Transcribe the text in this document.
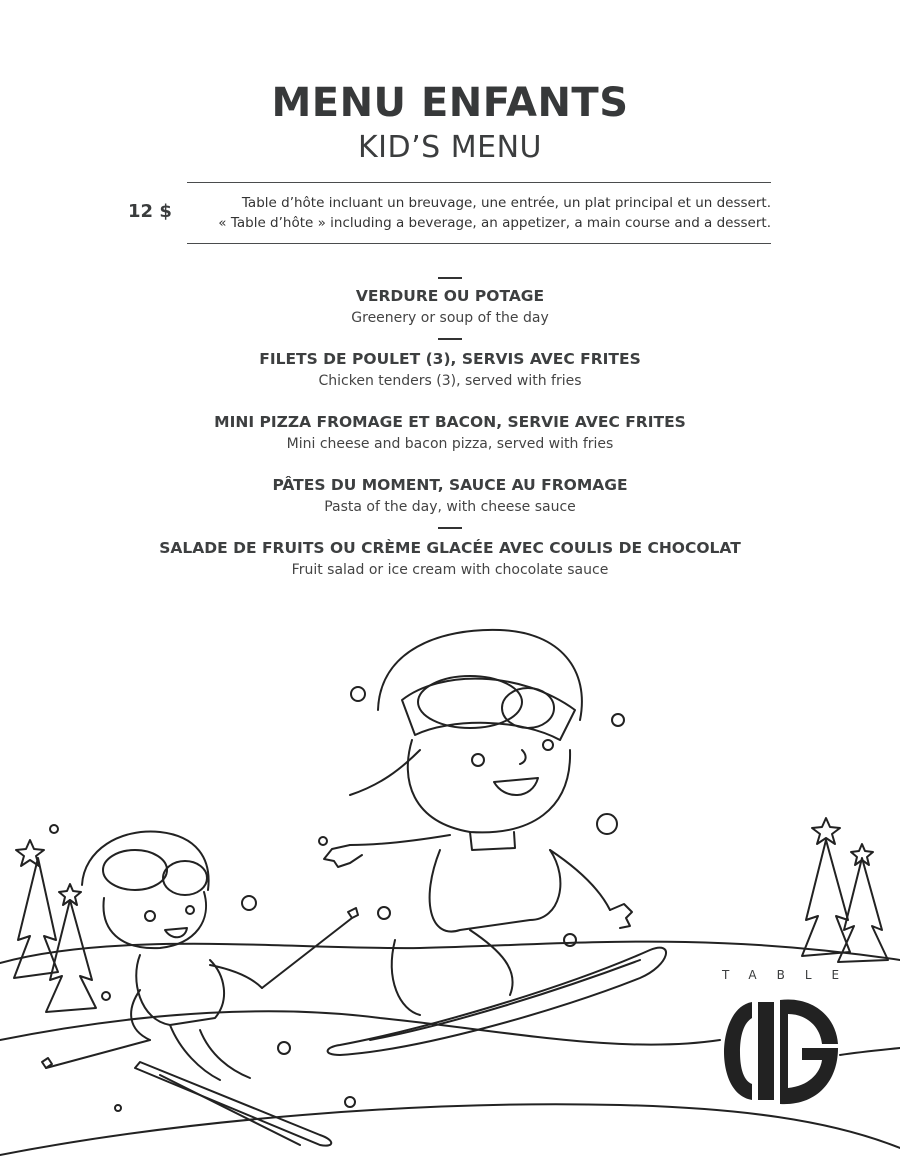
MENU ENFANTS
KID’S MENU
12 $	Table d’hôte incluant un breuvage, une entrée, un plat principal et un dessert.
« Table d’hôte » including a beverage, an appetizer, a main course and a dessert.
VERDURE OU POTAGE
Greenery or soup of the day
FILETS DE POULET (3), SERVIS AVEC FRITES
Chicken tenders (3), served with fries
MINI PIZZA FROMAGE ET BACON, SERVIE AVEC FRITES
Mini cheese and bacon pizza, served with fries
PÂTES DU MOMENT, SAUCE AU FROMAGE
Pasta of the day, with cheese sauce
SALADE DE FRUITS OU CRÈME GLACÉE AVEC COULIS DE CHOCOLAT
Fruit salad or ice cream with chocolate sauce
TABLE
